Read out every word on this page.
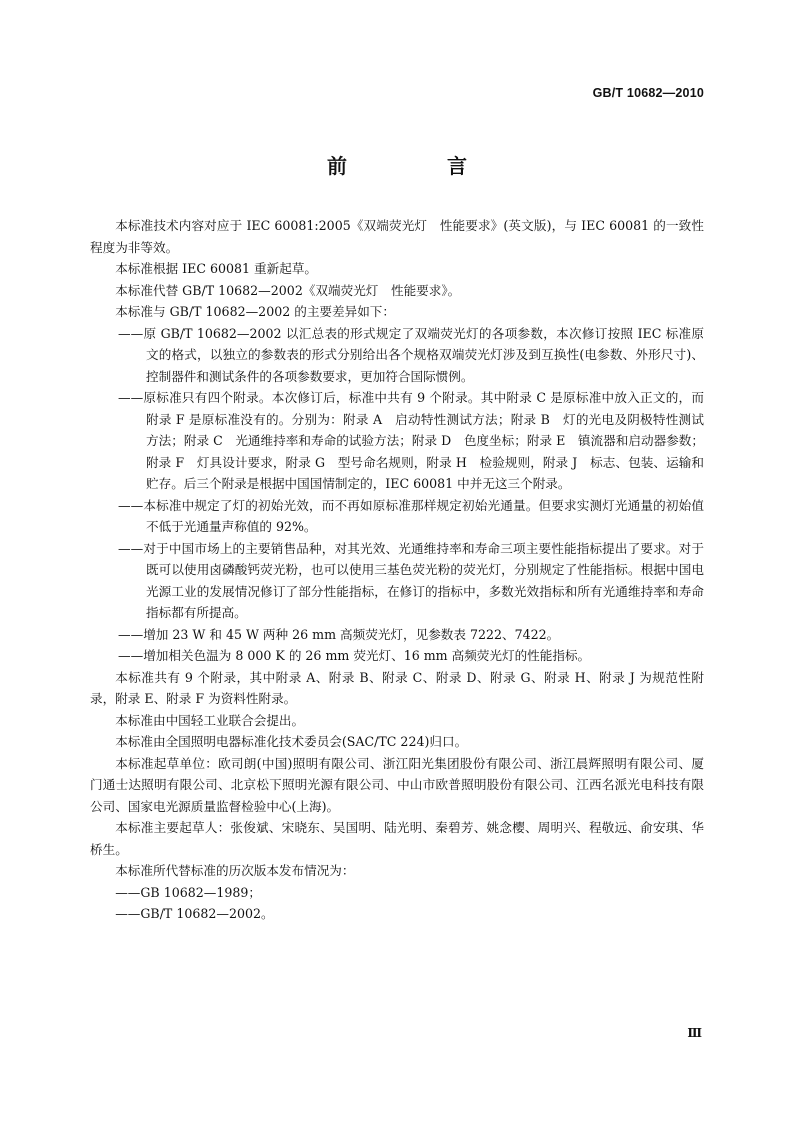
GB/T 10682—2010
前　言

本标准技术内容对应于 IEC 60081:2005《双端荧光灯　性能要求》(英文版)，与 IEC 60081 的一致性程度为非等效。

本标准根据 IEC 60081 重新起草。

本标准代替 GB/T 10682—2002《双端荧光灯　性能要求》。

本标准与 GB/T 10682—2002 的主要差异如下：

——原 GB/T 10682—2002 以汇总表的形式规定了双端荧光灯的各项参数，本次修订按照 IEC 标准原文的格式，以独立的参数表的形式分别给出各个规格双端荧光灯涉及到互换性(电参数、外形尺寸)、控制器件和测试条件的各项参数要求，更加符合国际惯例。

——原标准只有四个附录。本次修订后，标准中共有 9 个附录。其中附录 C 是原标准中放入正文的，而附录 F 是原标准没有的。分别为：附录 A　启动特性测试方法；附录 B　灯的光电及阴极特性测试方法；附录 C　光通维持率和寿命的试验方法；附录 D　色度坐标；附录 E　镇流器和启动器参数；附录 F　灯具设计要求，附录 G　型号命名规则，附录 H　检验规则，附录 J　标志、包装、运输和贮存。后三个附录是根据中国国情制定的，IEC 60081 中并无这三个附录。

——本标准中规定了灯的初始光效，而不再如原标准那样规定初始光通量。但要求实测灯光通量的初始值不低于光通量声称值的 92%。

——对于中国市场上的主要销售品种，对其光效、光通维持率和寿命三项主要性能指标提出了要求。对于既可以使用卤磷酸钙荧光粉，也可以使用三基色荧光粉的荧光灯，分别规定了性能指标。根据中国电光源工业的发展情况修订了部分性能指标，在修订的指标中，多数光效指标和所有光通维持率和寿命指标都有所提高。

——增加 23 W 和 45 W 两种 26 mm 高频荧光灯，见参数表 7222、7422。

——增加相关色温为 8 000 K 的 26 mm 荧光灯、16 mm 高频荧光灯的性能指标。

本标准共有 9 个附录，其中附录 A、附录 B、附录 C、附录 D、附录 G、附录 H、附录 J 为规范性附录，附录 E、附录 F 为资料性附录。

本标准由中国轻工业联合会提出。

本标准由全国照明电器标准化技术委员会(SAC/TC 224)归口。

本标准起草单位：欧司朗(中国)照明有限公司、浙江阳光集团股份有限公司、浙江晨辉照明有限公司、厦门通士达照明有限公司、北京松下照明光源有限公司、中山市欧普照明股份有限公司、江西名派光电科技有限公司、国家电光源质量监督检验中心(上海)。

本标准主要起草人：张俊斌、宋晓东、吴国明、陆光明、秦碧芳、姚念樱、周明兴、程敬远、俞安琪、华桥生。

本标准所代替标准的历次版本发布情况为：

——GB 10682—1989；

——GB/T 10682—2002。

Ⅲ
